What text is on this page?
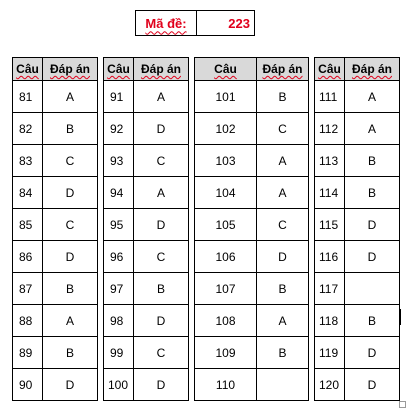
Mã đề:	223
Câu	Đáp án
81	A
82	B
83	C
84	D
85	C
86	D
87	B
88	A
89	B
90	D
Câu	Đáp án
91	A
92	D
93	C
94	A
95	D
96	C
97	B
98	D
99	C
100	D
Câu	Đáp án
101	B
102	C
103	A
104	A
105	C
106	D
107	B
108	A
109	B
110	
Câu	Đáp án
111	A
112	A
113	B
114	B
115	D
116	D
117	
118	B
119	D
120	D
